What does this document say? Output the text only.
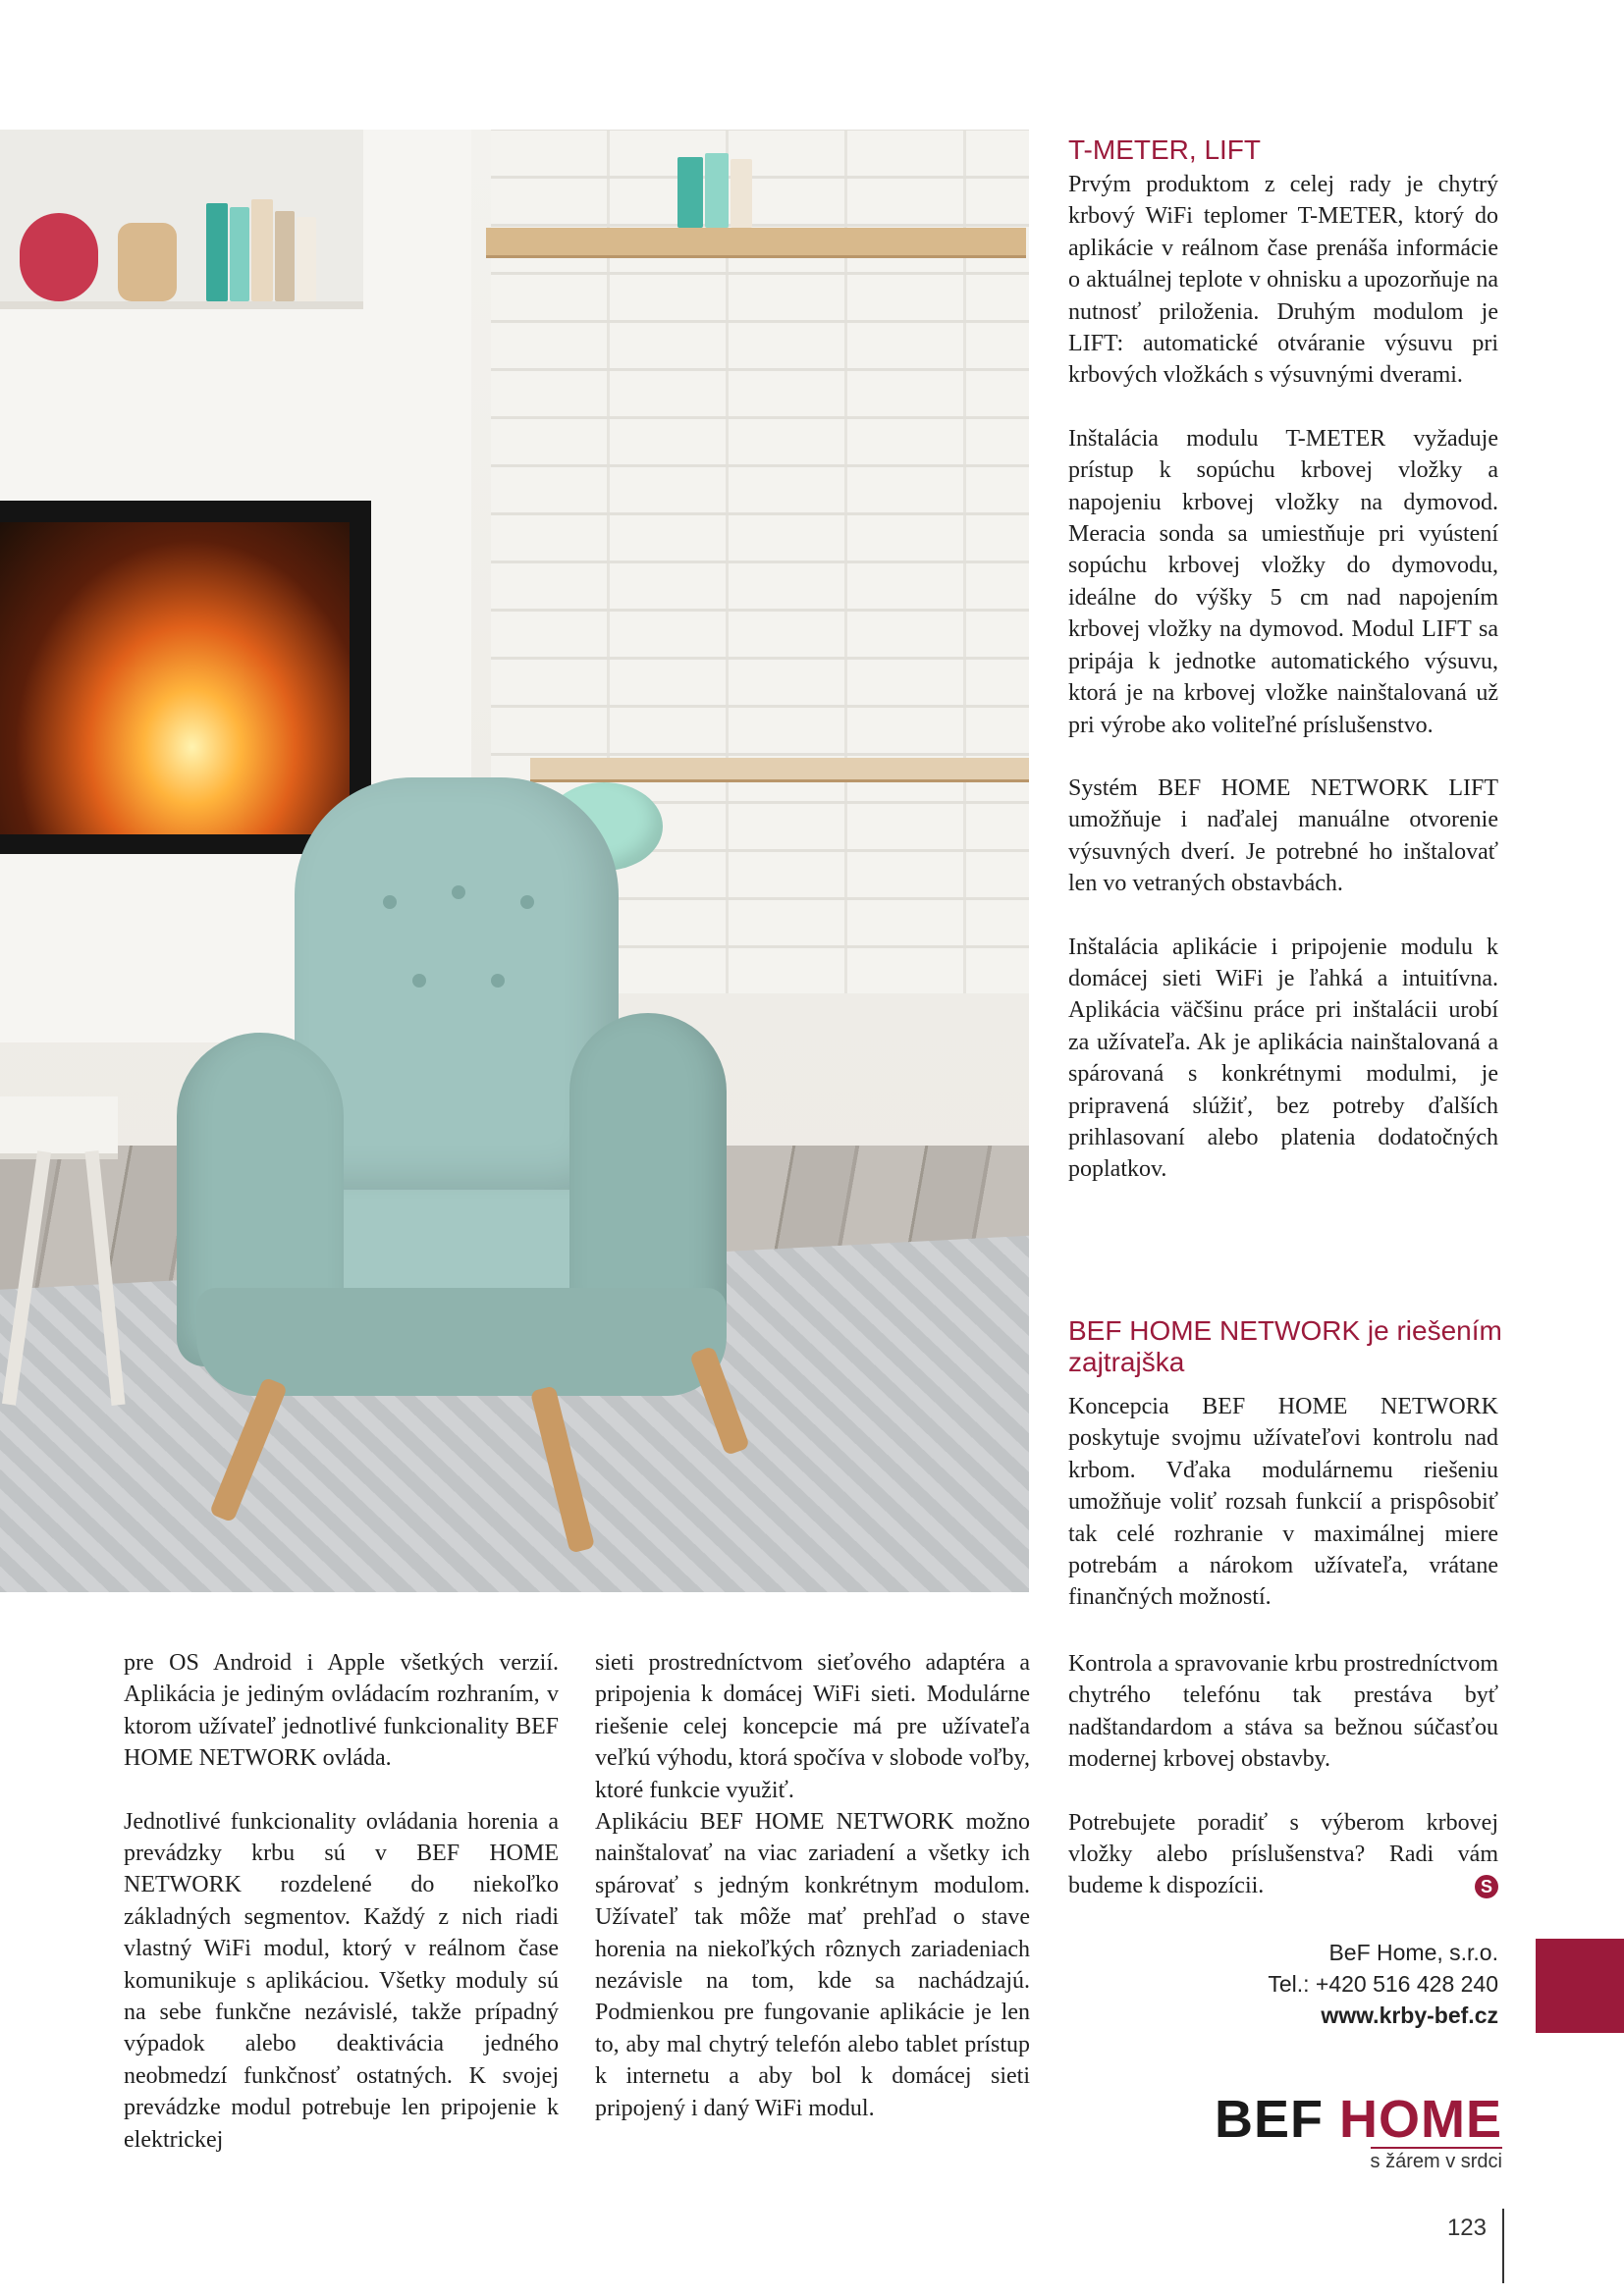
T-METER, LIFT

Prvým produktom z celej rady je chytrý krbový WiFi teplomer T-METER, ktorý do aplikácie v reálnom čase prenáša informácie o aktuálnej teplote v ohnisku a upozorňuje na nutnosť priloženia. Druhým modulom je LIFT: automatické otváranie výsuvu pri krbových vložkách s výsuvnými dverami.

Inštalácia modulu T-METER vyžaduje prístup k sopúchu krbovej vložky a napojeniu krbovej vložky na dymovod. Meracia sonda sa umiestňuje pri vyústení sopúchu krbovej vložky do dymovodu, ideálne do výšky 5 cm nad napojením krbovej vložky na dymovod. Modul LIFT sa pripája k jednotke automatického výsuvu, ktorá je na krbovej vložke nainštalovaná už pri výrobe ako voliteľné príslušenstvo.

Systém BEF HOME NETWORK LIFT umožňuje i naďalej manuálne otvorenie výsuvných dverí. Je potrebné ho inštalovať len vo vetraných obstavbách.

Inštalácia aplikácie i pripojenie modulu k domácej sieti WiFi je ľahká a intuitívna. Aplikácia väčšinu práce pri inštalácii urobí za užívateľa. Ak je aplikácia nainštalovaná a spárovaná s konkrétnymi modulmi, je pripravená slúžiť, bez potreby ďalších prihlasovaní alebo platenia dodatočných poplatkov.

BEF HOME NETWORK je riešením
zajtrajška

Koncepcia BEF HOME NETWORK poskytuje svojmu užívateľovi kontrolu nad krbom. Vďaka modulárnemu riešeniu umožňuje voliť rozsah funkcií a prispôsobiť tak celé rozhranie v maximálnej miere potrebám a nárokom užívateľa, vrátane finančných možností.

Kontrola a spravovanie krbu prostredníctvom chytrého telefónu tak prestáva byť nadštandardom a stáva sa bežnou súčasťou modernej krbovej obstavby.

Potrebujete poradiť s výberom krbovej vložky alebo príslušenstva? Radi vám budeme k dispozícii.	S

pre OS Android i Apple všetkých verzií. Aplikácia je jediným ovládacím rozhraním, v ktorom užívateľ jednotlivé funkcionality BEF HOME NETWORK ovláda.

Jednotlivé funkcionality ovládania horenia a prevádzky krbu sú v BEF HOME NETWORK rozdelené do niekoľko základných segmentov. Každý z nich riadi vlastný WiFi modul, ktorý v reálnom čase komunikuje s aplikáciou. Všetky moduly sú na sebe funkčne nezávislé, takže prípadný výpadok alebo deaktivácia jedného neobmedzí funkčnosť ostatných. K svojej prevádzke modul potrebuje len pripojenie k elektrickej

sieti prostredníctvom sieťového adaptéra a pripojenia k domácej WiFi sieti. Modulárne riešenie celej koncepcie má pre užívateľa veľkú výhodu, ktorá spočíva v slobode voľby, ktoré funkcie využiť.

Aplikáciu BEF HOME NETWORK možno nainštalovať na viac zariadení a všetky ich spárovať s jedným konkrétnym modulom. Užívateľ tak môže mať prehľad o stave horenia na niekoľkých rôznych zariadeniach nezávisle na tom, kde sa nachádzajú. Podmienkou pre fungovanie aplikácie je len to, aby mal chytrý telefón alebo tablet prístup k internetu a aby bol k domácej sieti pripojený i daný WiFi modul.

BeF Home, s.r.o.
Tel.: +420 516 428 240
www.krby-bef.cz
BEF HOME
s žárem v srdci
123
